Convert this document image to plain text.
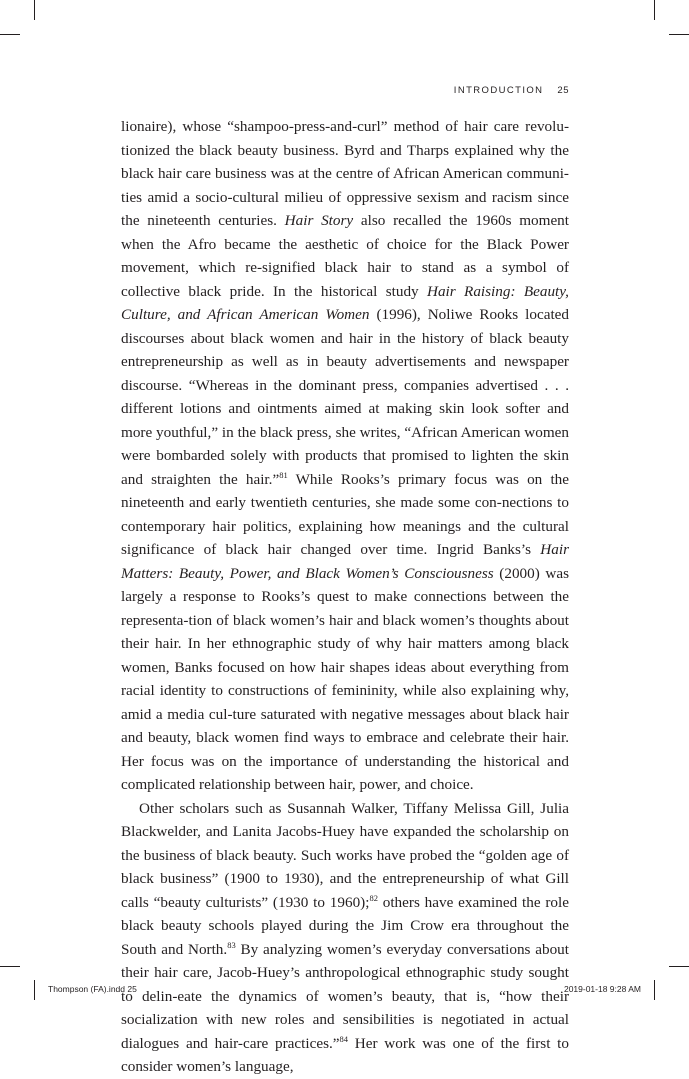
INTRODUCTION 25

lionaire), whose “shampoo-press-and-curl” method of hair care revolu-tionized the black beauty business. Byrd and Tharps explained why the black hair care business was at the centre of African American communi-ties amid a socio-cultural milieu of oppressive sexism and racism since the nineteenth centuries. Hair Story also recalled the 1960s moment when the Afro became the aesthetic of choice for the Black Power movement, which re-signified black hair to stand as a symbol of collective black pride. In the historical study Hair Raising: Beauty, Culture, and African American Women (1996), Noliwe Rooks located discourses about black women and hair in the history of black beauty entrepreneurship as well as in beauty advertisements and newspaper discourse. “Whereas in the dominant press, companies advertised . . . different lotions and ointments aimed at making skin look softer and more youthful,” in the black press, she writes, “African American women were bombarded solely with products that promised to lighten the skin and straighten the hair.”$^{81}$ While Rooks’s primary focus was on the nineteenth and early twentieth centuries, she made some con-nections to contemporary hair politics, explaining how meanings and the cultural significance of black hair changed over time. Ingrid Banks’s Hair Matters: Beauty, Power, and Black Women’s Consciousness (2000) was largely a response to Rooks’s quest to make connections between the representa-tion of black women’s hair and black women’s thoughts about their hair. In her ethnographic study of why hair matters among black women, Banks focused on how hair shapes ideas about everything from racial identity to constructions of femininity, while also explaining why, amid a media cul-ture saturated with negative messages about black hair and beauty, black women find ways to embrace and celebrate their hair. Her focus was on the importance of understanding the historical and complicated relationship between hair, power, and choice.

Other scholars such as Susannah Walker, Tiffany Melissa Gill, Julia Blackwelder, and Lanita Jacobs-Huey have expanded the scholarship on the business of black beauty. Such works have probed the “golden age of black business” (1900 to 1930), and the entrepreneurship of what Gill calls “beauty culturists” (1930 to 1960);$^{82}$ others have examined the role black beauty schools played during the Jim Crow era throughout the South and North.$^{83}$ By analyzing women’s everyday conversations about their hair care, Jacob-Huey’s anthropological ethnographic study sought to delin-eate the dynamics of women’s beauty, that is, “how their socialization with new roles and sensibilities is negotiated in actual dialogues and hair-care practices.”$^{84}$ Her work was one of the first to consider women’s language,

Thompson (FA).indd 25	2019-01-18 9:28 AM
